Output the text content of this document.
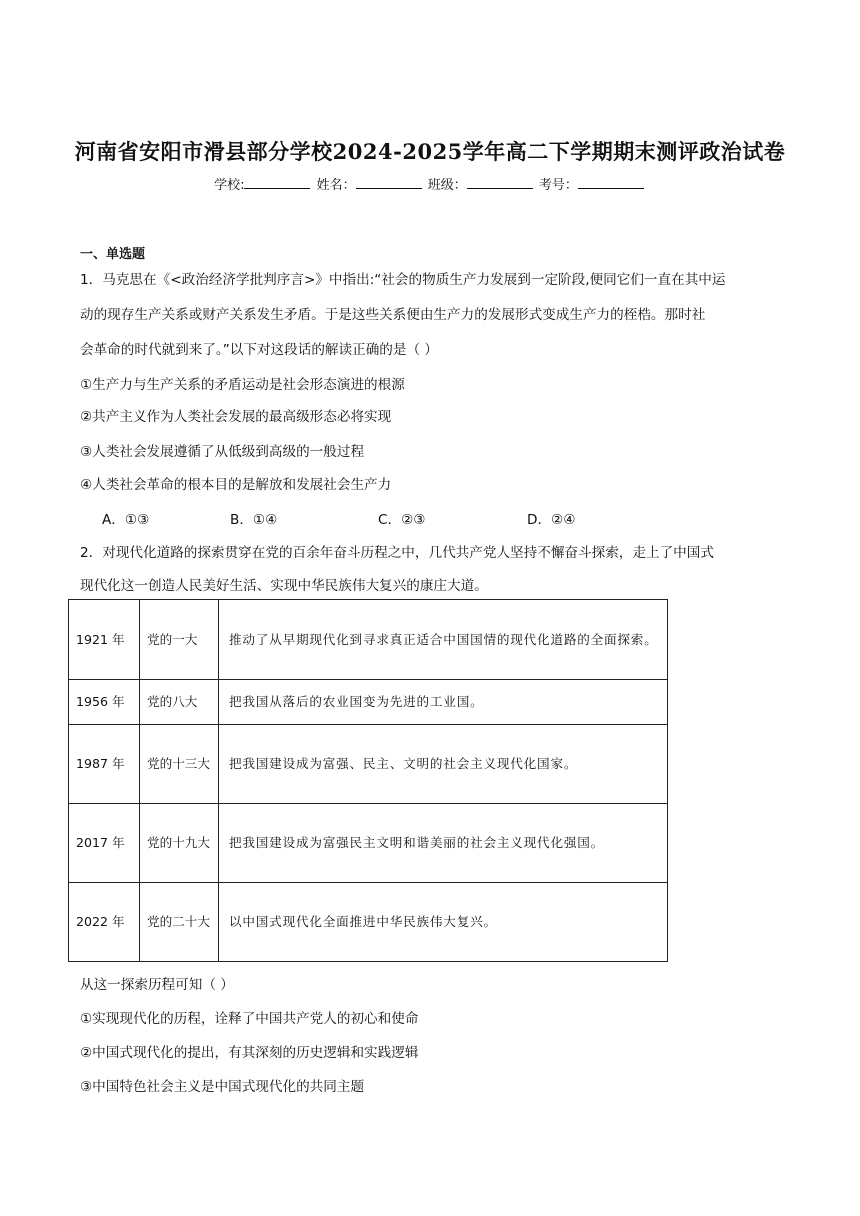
河南省安阳市滑县部分学校2024-2025学年高二下学期期末测评政治试卷
学校:	姓名：	班级：	考号：
一、单选题
1．马克思在《<政治经济学批判序言>》中指出:“社会的物质生产力发展到一定阶段,便同它们一直在其中运
动的现存生产关系或财产关系发生矛盾。于是这些关系便由生产力的发展形式变成生产力的桎梏。那时社
会革命的时代就到来了。”以下对这段话的解读正确的是（ ）
①生产力与生产关系的矛盾运动是社会形态演进的根源
②共产主义作为人类社会发展的最高级形态必将实现
③人类社会发展遵循了从低级到高级的一般过程
④人类社会革命的根本目的是解放和发展社会生产力
A．①③	B．①④	C．②③	D．②④
2．对现代化道路的探索贯穿在党的百余年奋斗历程之中，几代共产党人坚持不懈奋斗探索，走上了中国式
现代化这一创造人民美好生活、实现中华民族伟大复兴的康庄大道。
1921 年	党的一大	推动了从早期现代化到寻求真正适合中国国情的现代化道路的全面探索。
1956 年	党的八大	把我国从落后的农业国变为先进的工业国。
1987 年	党的十三大	把我国建设成为富强、民主、文明的社会主义现代化国家。
2017 年	党的十九大	把我国建设成为富强民主文明和谐美丽的社会主义现代化强国。
2022 年	党的二十大	以中国式现代化全面推进中华民族伟大复兴。
从这一探索历程可知（ ）
①实现现代化的历程，诠释了中国共产党人的初心和使命
②中国式现代化的提出，有其深刻的历史逻辑和实践逻辑
③中国特色社会主义是中国式现代化的共同主题
